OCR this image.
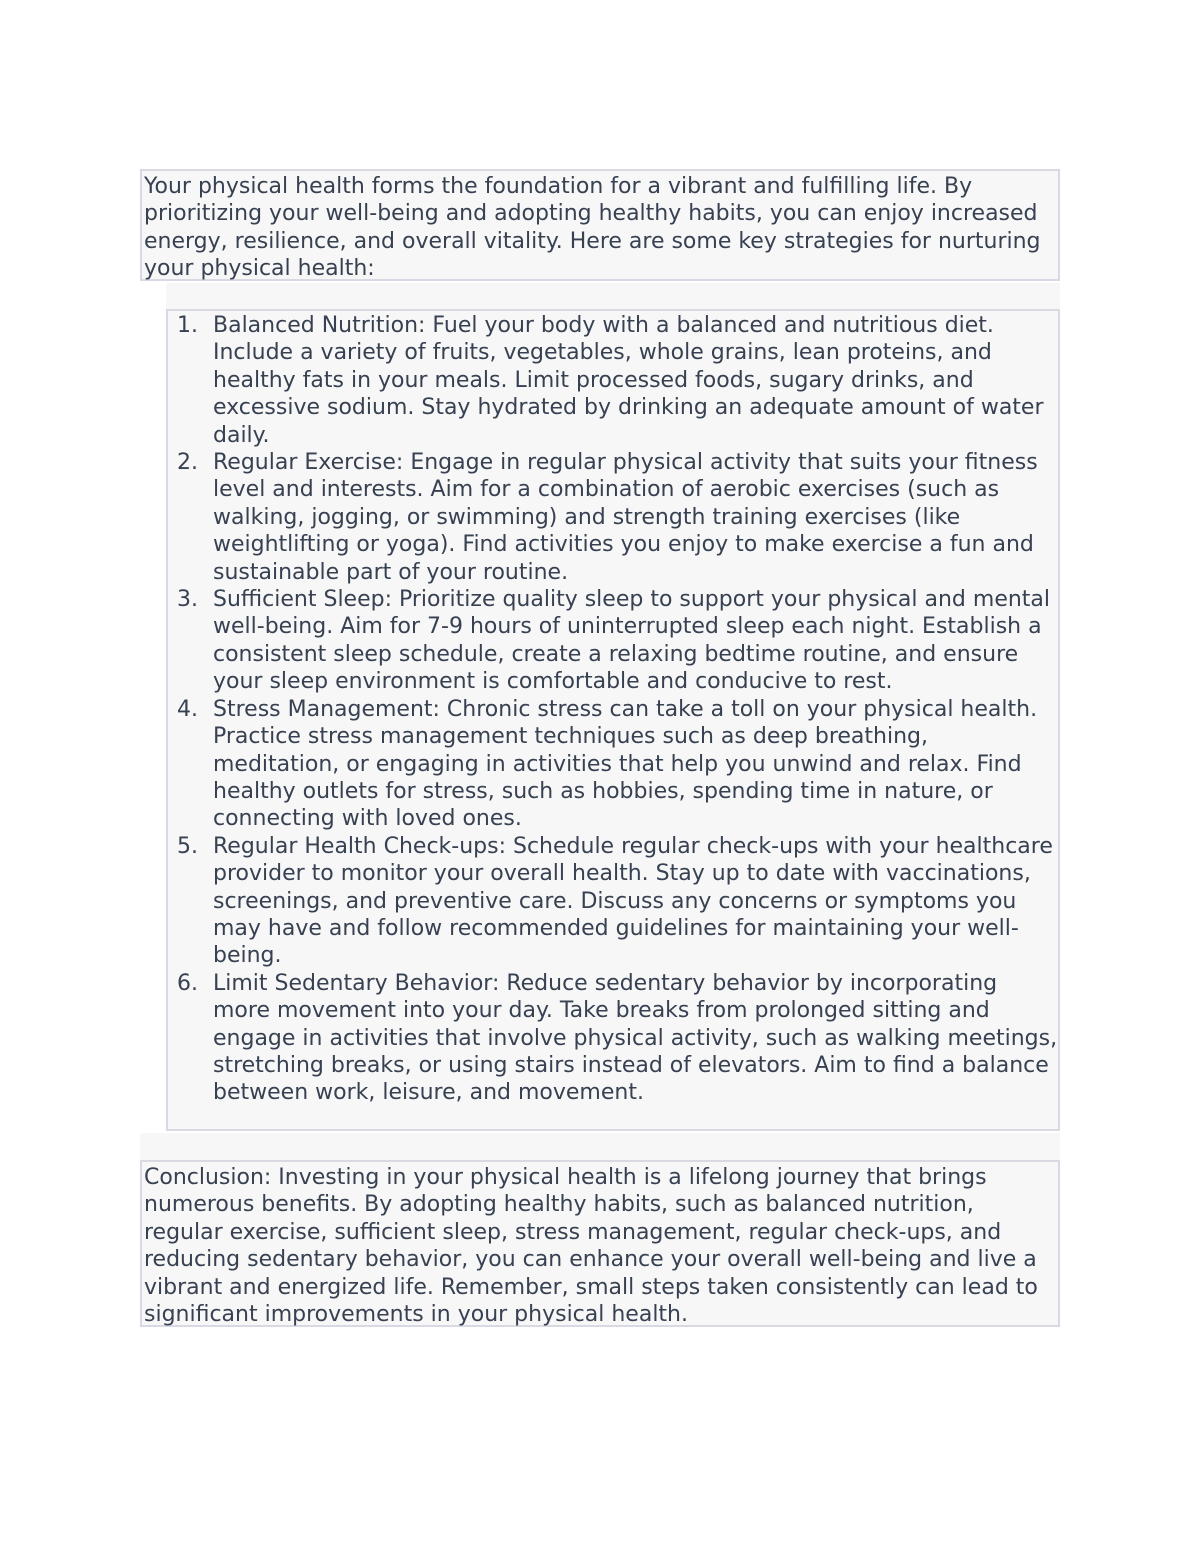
Your physical health forms the foundation for a vibrant and fulfilling life. By prioritizing your well-being and adopting healthy habits, you can enjoy increased energy, resilience, and overall vitality. Here are some key strategies for nurturing your physical health:

1. Balanced Nutrition: Fuel your body with a balanced and nutritious diet. Include a variety of fruits, vegetables, whole grains, lean proteins, and healthy fats in your meals. Limit processed foods, sugary drinks, and excessive sodium. Stay hydrated by drinking an adequate amount of water daily.
2. Regular Exercise: Engage in regular physical activity that suits your fitness level and interests. Aim for a combination of aerobic exercises (such as walking, jogging, or swimming) and strength training exercises (like weightlifting or yoga). Find activities you enjoy to make exercise a fun and sustainable part of your routine.
3. Sufficient Sleep: Prioritize quality sleep to support your physical and mental well-being. Aim for 7-9 hours of uninterrupted sleep each night. Establish a consistent sleep schedule, create a relaxing bedtime routine, and ensure your sleep environment is comfortable and conducive to rest.
4. Stress Management: Chronic stress can take a toll on your physical health. Practice stress management techniques such as deep breathing, meditation, or engaging in activities that help you unwind and relax. Find healthy outlets for stress, such as hobbies, spending time in nature, or connecting with loved ones.
5. Regular Health Check-ups: Schedule regular check-ups with your healthcare provider to monitor your overall health. Stay up to date with vaccinations, screenings, and preventive care. Discuss any concerns or symptoms you may have and follow recommended guidelines for maintaining your well-being.
6. Limit Sedentary Behavior: Reduce sedentary behavior by incorporating more movement into your day. Take breaks from prolonged sitting and engage in activities that involve physical activity, such as walking meetings, stretching breaks, or using stairs instead of elevators. Aim to find a balance between work, leisure, and movement.

Conclusion: Investing in your physical health is a lifelong journey that brings numerous benefits. By adopting healthy habits, such as balanced nutrition, regular exercise, sufficient sleep, stress management, regular check-ups, and reducing sedentary behavior, you can enhance your overall well-being and live a vibrant and energized life. Remember, small steps taken consistently can lead to significant improvements in your physical health.
